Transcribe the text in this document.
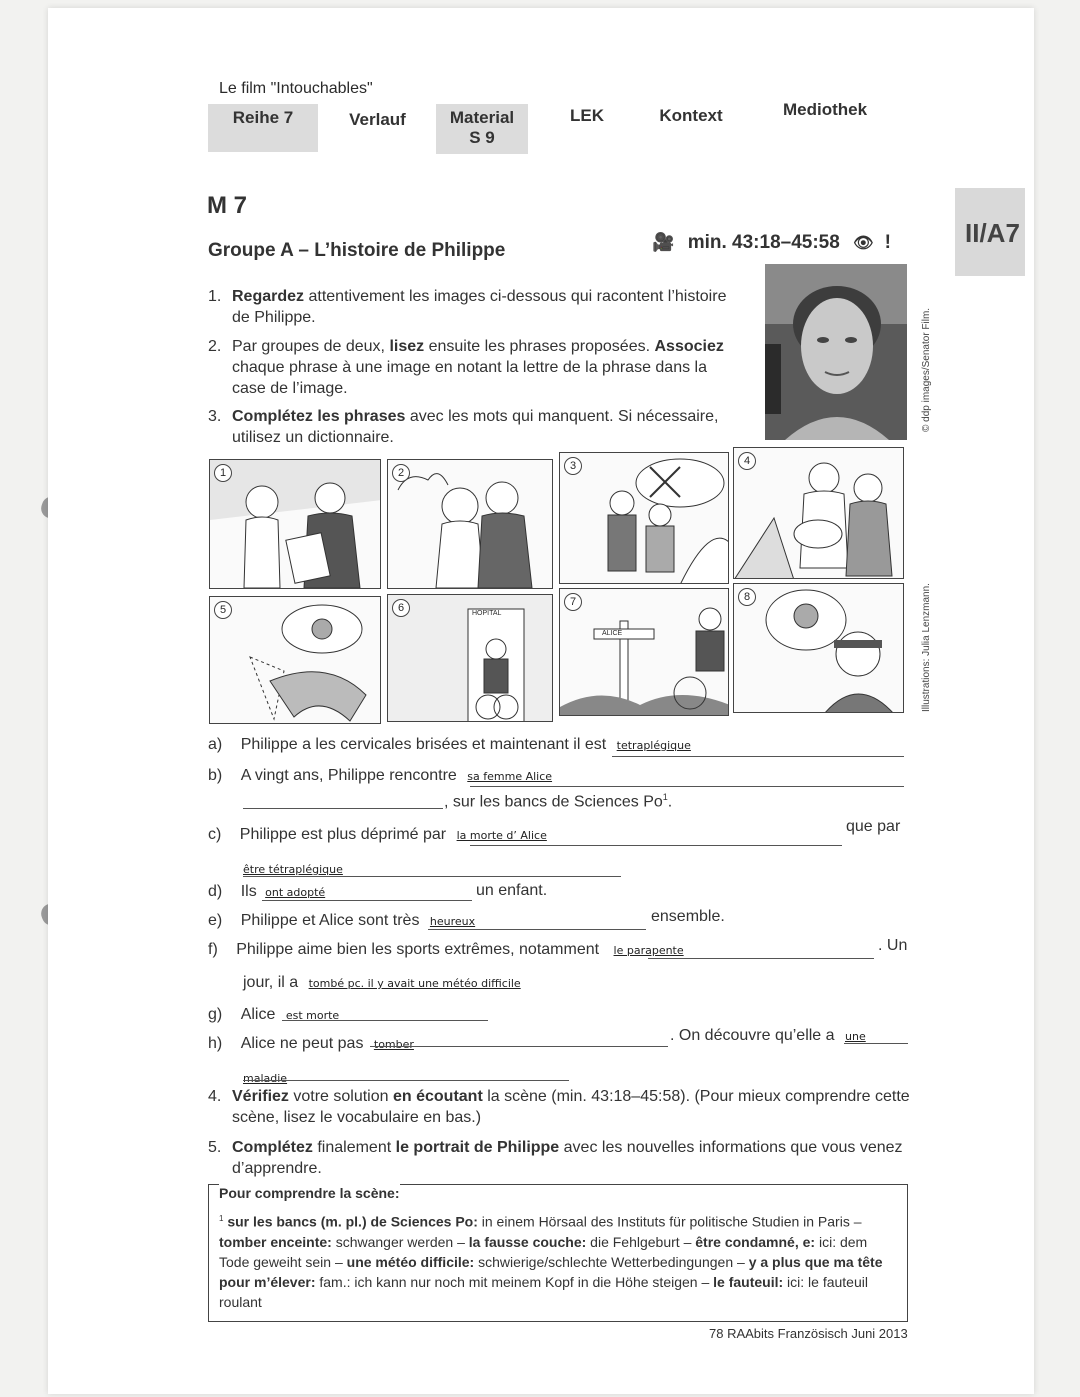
Le film "Intouchables"
Reihe 7	Verlauf	Material
S 9
LEK	Kontext	Mediothek
M 7
II/A7
Groupe A – L’histoire de Philippe	🎥 min. 43:18–45:58 👁 !
1. Regardez attentivement les images ci-dessous qui racontent l’histoire de Philippe.
2. Par groupes de deux, lisez ensuite les phrases proposées. Associez chaque phrase à une image en notant la lettre de la phrase dans la case de l’image.
3. Complétez les phrases avec les mots qui manquent. Si nécessaire, utilisez un dictionnaire.
© ddp images/Senator Film.
Illustrations: Julia Lenzmann.
1	2
3	4
5	6	HÔPITAL
7
ALICE
8
a) Philippe a les cervicales brisées et maintenant il est tetraplégique
b) A vingt ans, Philippe rencontre sa femme Alice
, sur les bancs de Sciences Po$^1$.
c) Philippe est plus déprimé par la morte d’ Alice
que par
être tétraplégique
d) Ils ont adopté	un enfant.
e) Philippe et Alice sont très heureux	ensemble.
f) Philippe aime bien les sports extrêmes, notamment le parapente	. Un
jour, il a tombé pc. il y avait une météo difficile
g) Alice est morte
h) Alice ne peut pas tomber
. On découvre qu’elle a une
maladie
4. Vérifiez votre solution en écoutant la scène (min. 43:18–45:58). (Pour mieux comprendre cette scène, lisez le vocabulaire en bas.)
5. Complétez finalement le portrait de Philippe avec les nouvelles informations que vous venez d’apprendre.
Pour comprendre la scène:
$^1$ sur les bancs (m. pl.) de Sciences Po: in einem Hörsaal des Instituts für politische Studien in Paris – tomber enceinte: schwanger werden – la fausse couche: die Fehlgeburt – être condamné, e: ici: dem Tode geweiht sein – une météo difficile: schwierige/schlechte Wetterbedingungen – y a plus que ma tête pour m’élever: fam.: ich kann nur noch mit meinem Kopf in die Höhe steigen – le fauteuil: ici: le fauteuil roulant
78 RAAbits Französisch Juni 2013
